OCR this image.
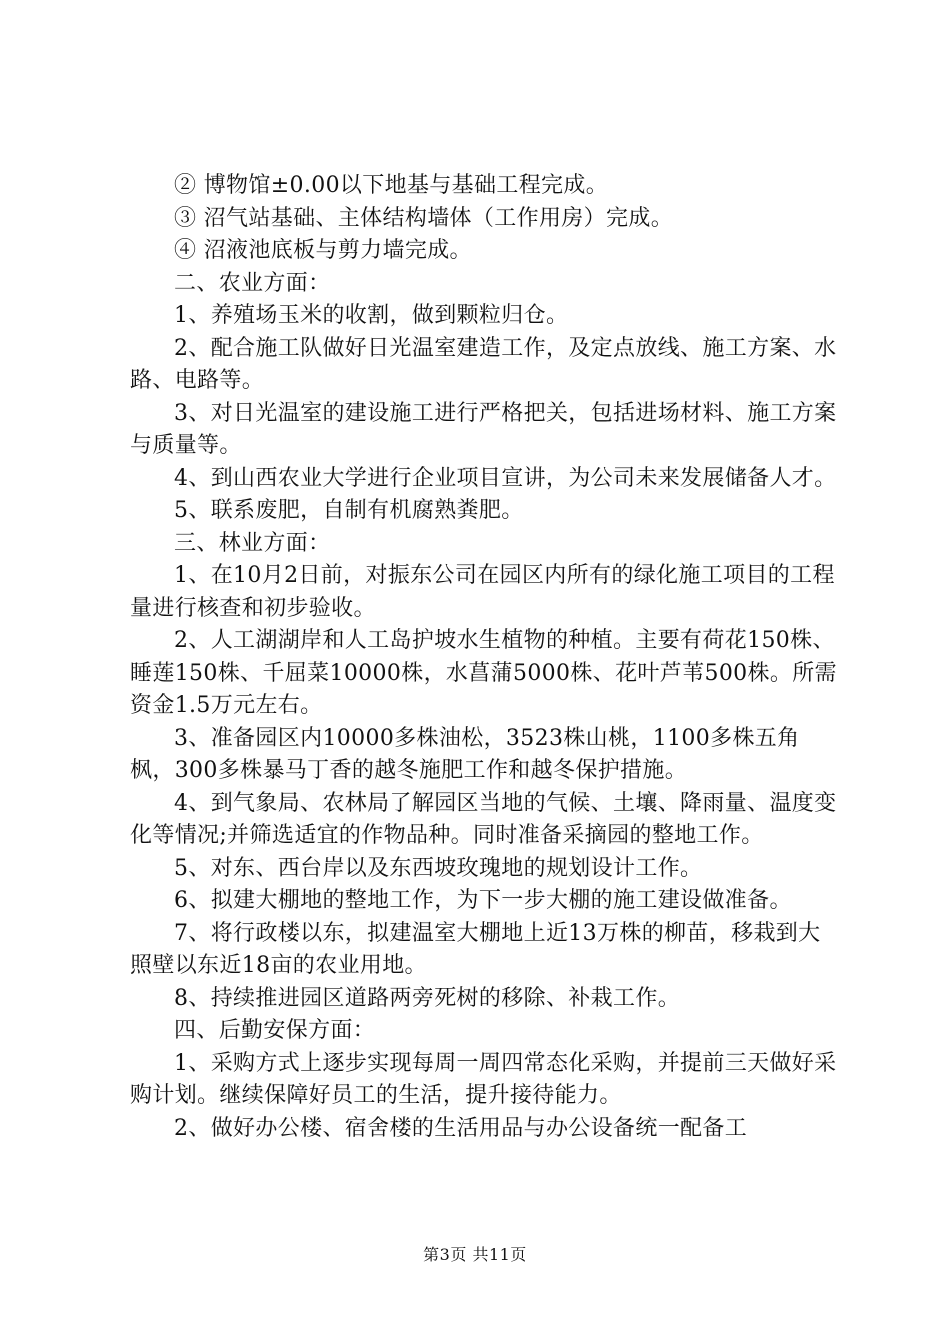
② 博物馆±0.00以下地基与基础工程完成。

③ 沼气站基础、主体结构墙体（工作用房）完成。

④ 沼液池底板与剪力墙完成。

二、农业方面：

1、养殖场玉米的收割，做到颗粒归仓。

2、配合施工队做好日光温室建造工作，及定点放线、施工方案、水路、电路等。

3、对日光温室的建设施工进行严格把关，包括进场材料、施工方案与质量等。

4、到山西农业大学进行企业项目宣讲，为公司未来发展储备人才。

5、联系废肥，自制有机腐熟粪肥。

三、林业方面：

1、在10月2日前，对振东公司在园区内所有的绿化施工项目的工程量进行核查和初步验收。

2、人工湖湖岸和人工岛护坡水生植物的种植。主要有荷花150株、睡莲150株、千屈菜10000株，水菖蒲5000株、花叶芦苇500株。所需资金1.5万元左右。

3、准备园区内10000多株油松，3523株山桃，1100多株五角枫，300多株暴马丁香的越冬施肥工作和越冬保护措施。

4、到气象局、农林局了解园区当地的气候、土壤、降雨量、温度变化等情况;并筛选适宜的作物品种。同时准备采摘园的整地工作。

5、对东、西台岸以及东西坡玫瑰地的规划设计工作。

6、拟建大棚地的整地工作，为下一步大棚的施工建设做准备。

7、将行政楼以东，拟建温室大棚地上近13万株的柳苗，移栽到大照壁以东近18亩的农业用地。

8、持续推进园区道路两旁死树的移除、补栽工作。

四、后勤安保方面：

1、采购方式上逐步实现每周一周四常态化采购，并提前三天做好采购计划。继续保障好员工的生活，提升接待能力。

2、做好办公楼、宿舍楼的生活用品与办公设备统一配备工

第3页 共11页
